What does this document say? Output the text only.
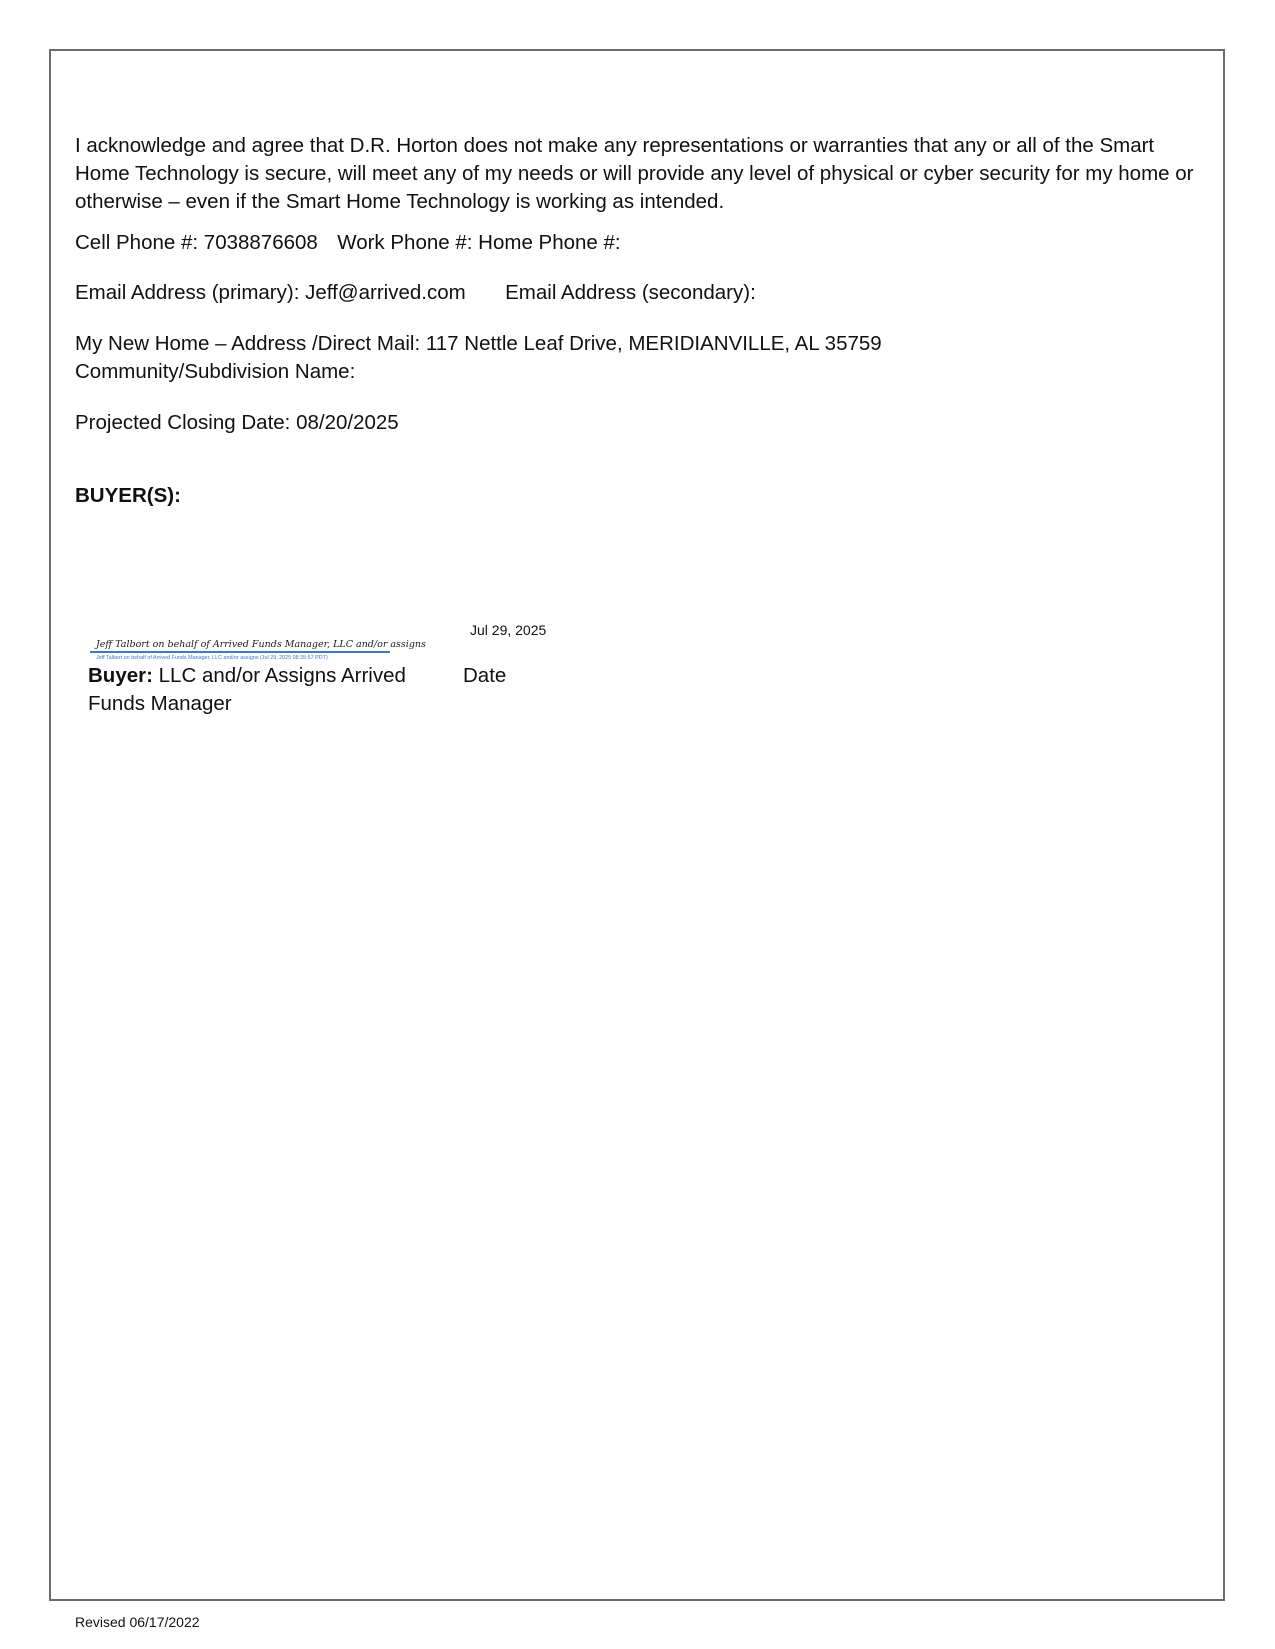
I acknowledge and agree that D.R. Horton does not make any representations or warranties that any or all of the Smart Home Technology is secure, will meet any of my needs or will provide any level of physical or cyber security for my home or otherwise – even if the Smart Home Technology is working as intended.

Cell Phone #: 7038876608 Work Phone #: Home Phone #:
Email Address (primary): Jeff@arrived.com Email Address (secondary):
My New Home – Address /Direct Mail: 117 Nettle Leaf Drive, MERIDIANVILLE, AL 35759
Community/Subdivision Name:
Projected Closing Date: 08/20/2025
BUYER(S):
Jul 29, 2025
Jeff Talbort on behalf of Arrived Funds Manager, LLC and/or assigns
Jeff Talbert on behalf of Arrived Funds Manager, LLC and/or assigns (Jul 29, 2025 08:35:57 PDT)

Buyer: LLC and/or Assigns Arrived Funds Manager

Date
Revised 06/17/2022
